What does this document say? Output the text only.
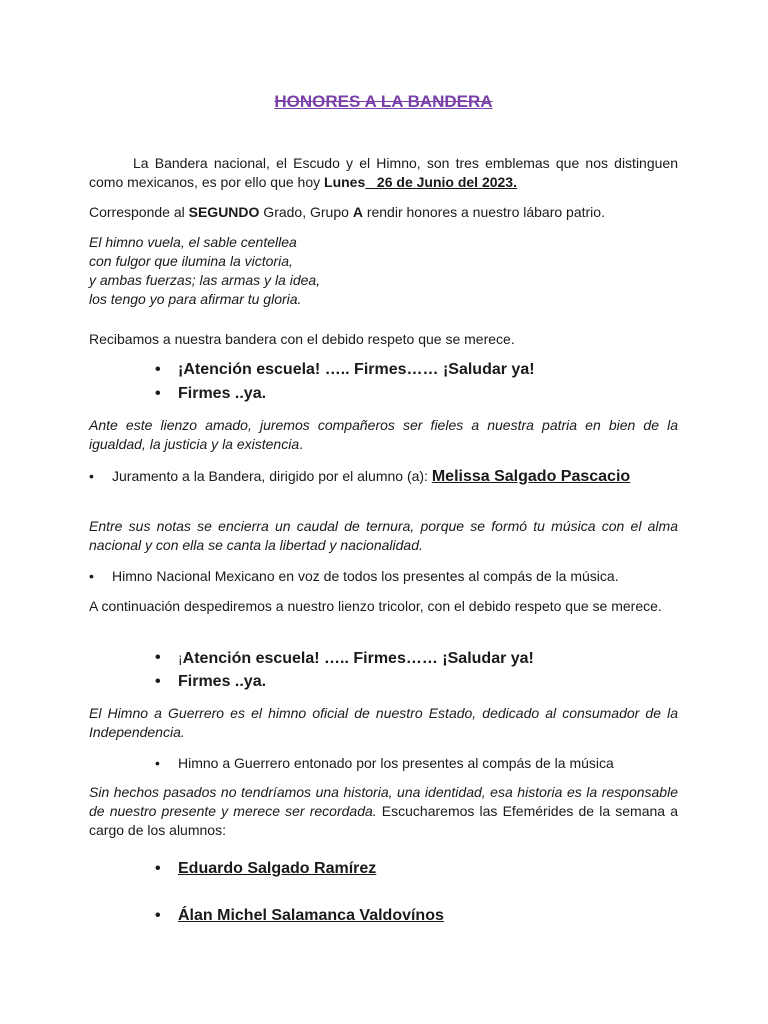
HONORES A LA BANDERA
La Bandera nacional, el Escudo y el Himno, son tres emblemas que nos distinguen como mexicanos, es por ello que hoy Lunes _26 de Junio del 2023.
Corresponde al SEGUNDO Grado, Grupo A rendir honores a nuestro lábaro patrio.
El himno vuela, el sable centellea
con fulgor que ilumina la victoria,
y ambas fuerzas; las armas y la idea,
los tengo yo para afirmar tu gloria.
Recibamos a nuestra bandera con el debido respeto que se merece.
• ¡Atención escuela! ….. Firmes…… ¡Saludar ya!
• Firmes ..ya.
Ante este lienzo amado, juremos compañeros ser fieles a nuestra patria en bien de la igualdad, la justicia y la existencia.
• Juramento a la Bandera, dirigido por el alumno (a): Melissa Salgado Pascacio
Entre sus notas se encierra un caudal de ternura, porque se formó tu música con el alma nacional y con ella se canta la libertad y nacionalidad.
• Himno Nacional Mexicano en voz de todos los presentes al compás de la música.
A continuación despediremos a nuestro lienzo tricolor, con el debido respeto que se merece.
• ¡Atención escuela! ….. Firmes…… ¡Saludar ya!
• Firmes ..ya.
El Himno a Guerrero es el himno oficial de nuestro Estado, dedicado al consumador de la Independencia.
• Himno a Guerrero entonado por los presentes al compás de la música
Sin hechos pasados no tendríamos una historia, una identidad, esa historia es la responsable de nuestro presente y merece ser recordada. Escucharemos las Efemérides de la semana a cargo de los alumnos:
• Eduardo Salgado Ramírez
• Álan Michel Salamanca Valdovínos
